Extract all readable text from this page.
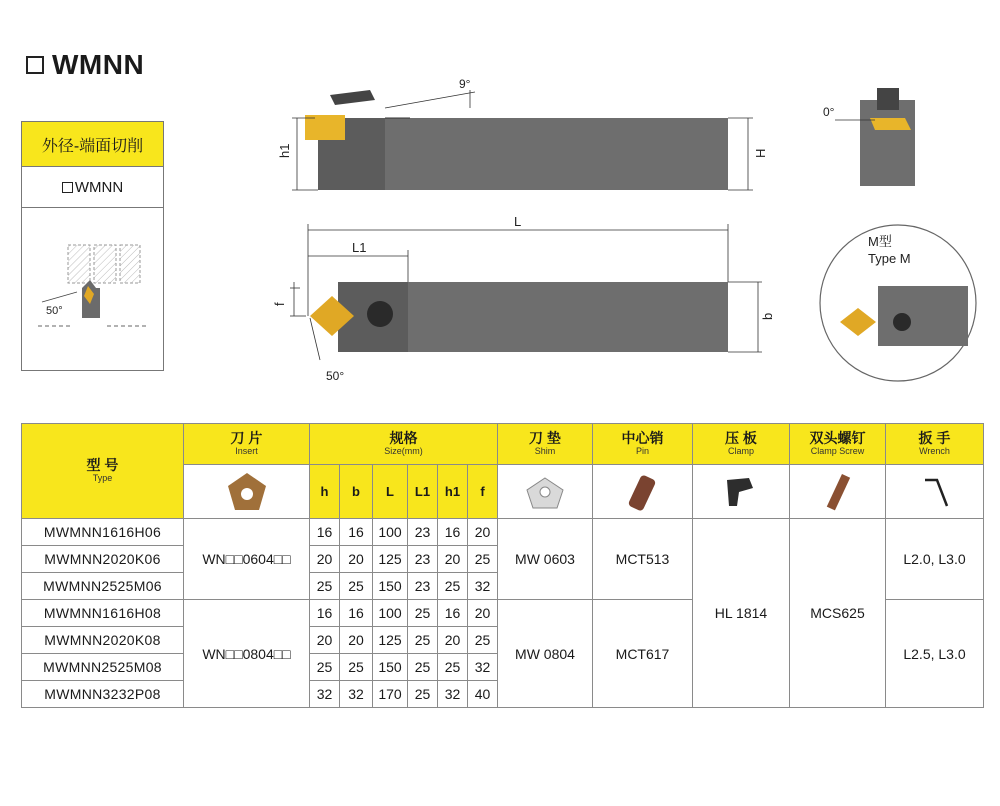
WMNN
外径-端面切削
WMNN
50°
h1	H
9°
0°
L
L1
f
b
50°
M型
Type M
型 号
Type	刀 片
Insert	规格
Size(mm)						刀 垫
Shim	中心销
Pin	压 板
Clamp	双头螺钉
Clamp Screw	扳 手
Wrench

	h	b	L	L1	h1	f	

MWMNN1616H06	WN□□0604□□	16	16	100	23	16	20	MW 0603	MCT513	HL 1814	MCS625	L2.0, L3.0
MWMNN2020K06		20	20	125	23	20	25					
MWMNN2525M06		25	25	150	23	25	32					
MWMNN1616H08	WN□□0804□□	16	16	100	25	16	20	MW 0804	MCT617			L2.5, L3.0
MWMNN2020K08		20	20	125	25	20	25					
MWMNN2525M08		25	25	150	25	25	32					
MWMNN3232P08		32	32	170	25	32	40					
